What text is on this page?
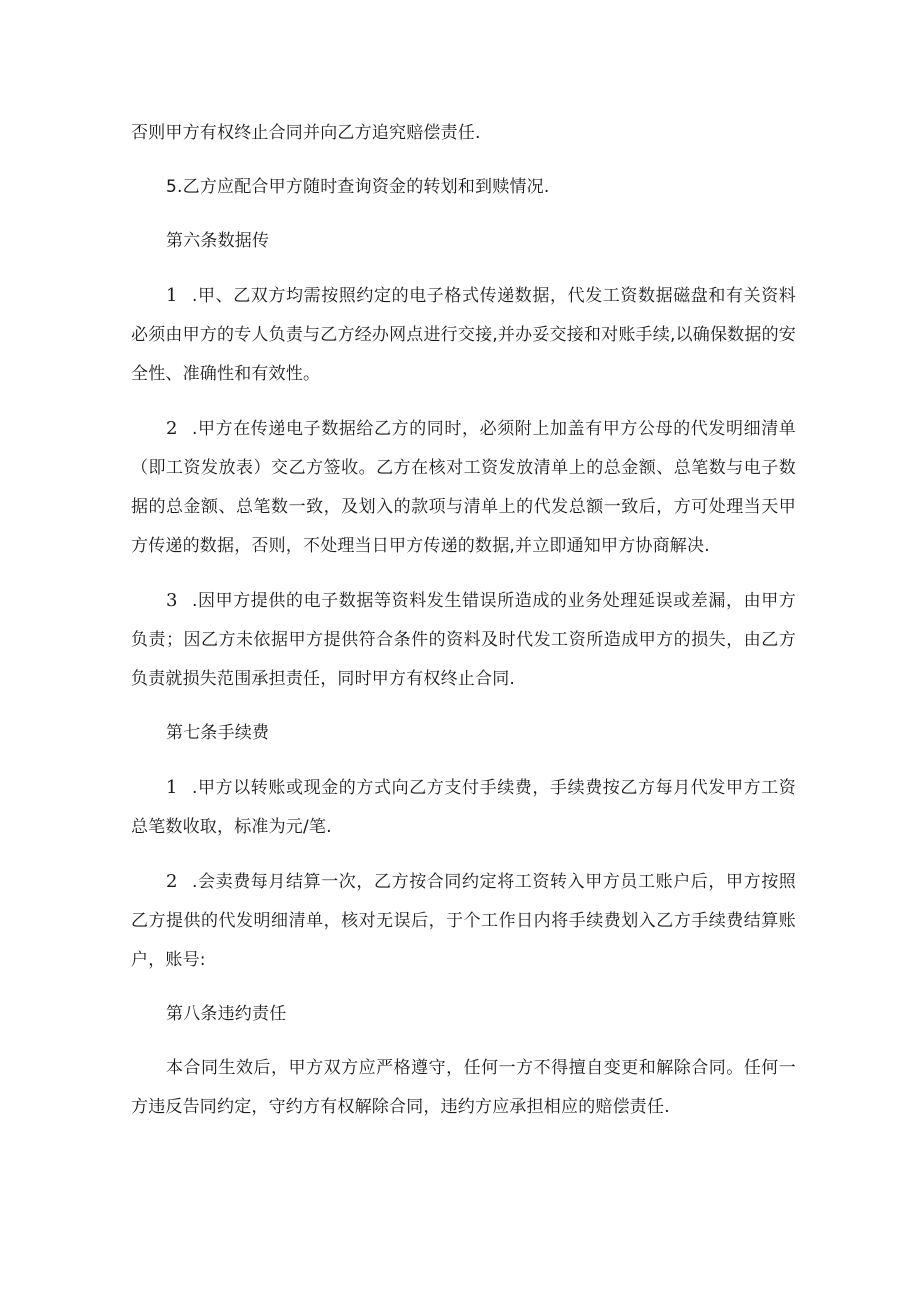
否则甲方有权终止合同并向乙方追究赔偿责任.

5.乙方应配合甲方随时查询资金的转划和到赎情况.

第六条数据传

1 .甲、乙双方均需按照约定的电子格式传递数据，代发工资数据磁盘和有关资料必须由甲方的专人负责与乙方经办网点进行交接,并办妥交接和对账手续,以确保数据的安全性、准确性和有效性。

2 .甲方在传递电子数据给乙方的同时，必须附上加盖有甲方公母的代发明细清单（即工资发放表）交乙方签收。乙方在核对工资发放清单上的总金额、总笔数与电子数据的总金额、总笔数一致，及划入的款项与清单上的代发总额一致后，方可处理当天甲方传递的数据，否则，不处理当日甲方传递的数据,并立即通知甲方协商解决.

3 .因甲方提供的电子数据等资料发生错误所造成的业务处理延误或差漏，由甲方负责；因乙方未依据甲方提供符合条件的资料及时代发工资所造成甲方的损失，由乙方负责就损失范围承担责任，同时甲方有权终止合同.

第七条手续费

1 .甲方以转账或现金的方式向乙方支付手续费，手续费按乙方每月代发甲方工资总笔数收取，标准为元/笔.

2 .会卖费每月结算一次，乙方按合同约定将工资转入甲方员工账户后，甲方按照乙方提供的代发明细清单，核对无误后，于个工作日内将手续费划入乙方手续费结算账户，账号:

第八条违约责任

本合同生效后，甲方双方应严格遵守，任何一方不得擅自变更和解除合同。任何一方违反告同约定，守约方有权解除合同，违约方应承担相应的赔偿责任.
